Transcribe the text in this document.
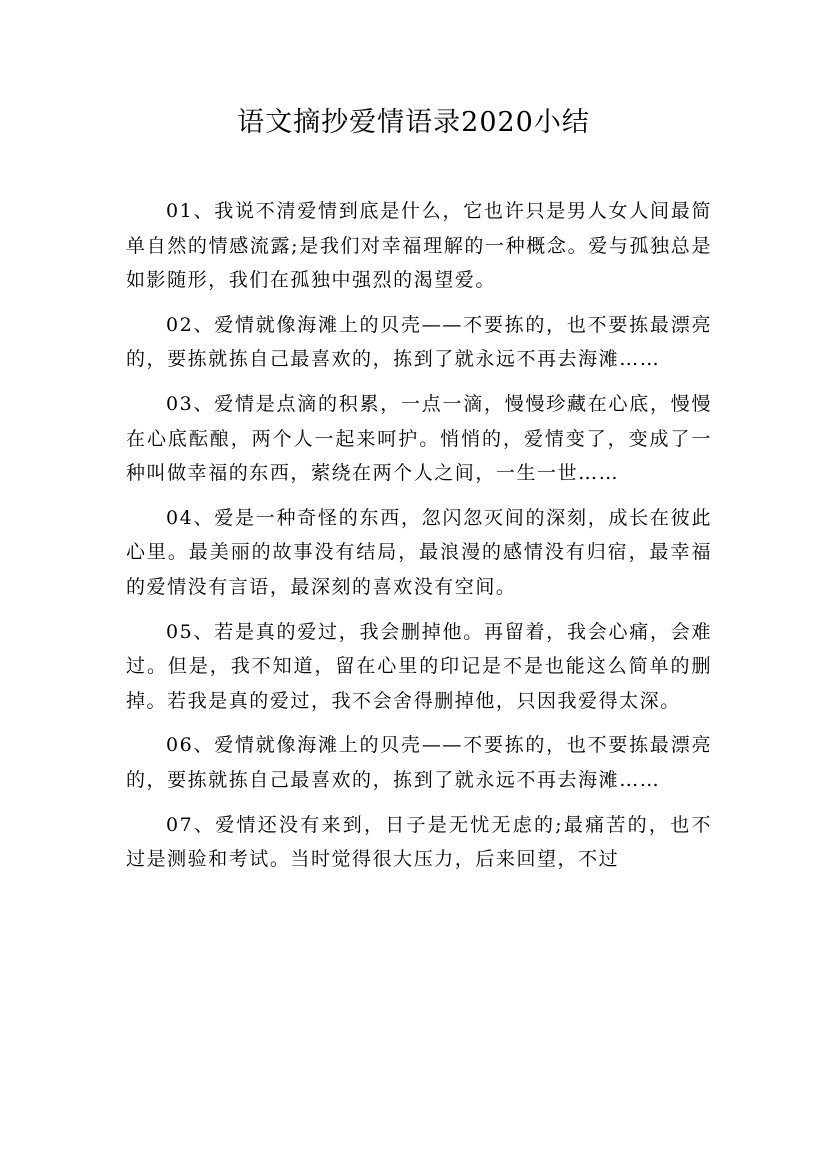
语文摘抄爱情语录2020小结

01、我说不清爱情到底是什么，它也许只是男人女人间最简单自然的情感流露;是我们对幸福理解的一种概念。爱与孤独总是如影随形，我们在孤独中强烈的渴望爱。

02、爱情就像海滩上的贝壳——不要拣的，也不要拣最漂亮的，要拣就拣自己最喜欢的，拣到了就永远不再去海滩……

03、爱情是点滴的积累，一点一滴，慢慢珍藏在心底，慢慢在心底酝酿，两个人一起来呵护。悄悄的，爱情变了，变成了一种叫做幸福的东西，萦绕在两个人之间，一生一世……

04、爱是一种奇怪的东西，忽闪忽灭间的深刻，成长在彼此心里。最美丽的故事没有结局，最浪漫的感情没有归宿，最幸福的爱情没有言语，最深刻的喜欢没有空间。

05、若是真的爱过，我会删掉他。再留着，我会心痛，会难过。但是，我不知道，留在心里的印记是不是也能这么简单的删掉。若我是真的爱过，我不会舍得删掉他，只因我爱得太深。

06、爱情就像海滩上的贝壳——不要拣的，也不要拣最漂亮的，要拣就拣自己最喜欢的，拣到了就永远不再去海滩……

07、爱情还没有来到，日子是无忧无虑的;最痛苦的，也不过是测验和考试。当时觉得很大压力，后来回望，不过
